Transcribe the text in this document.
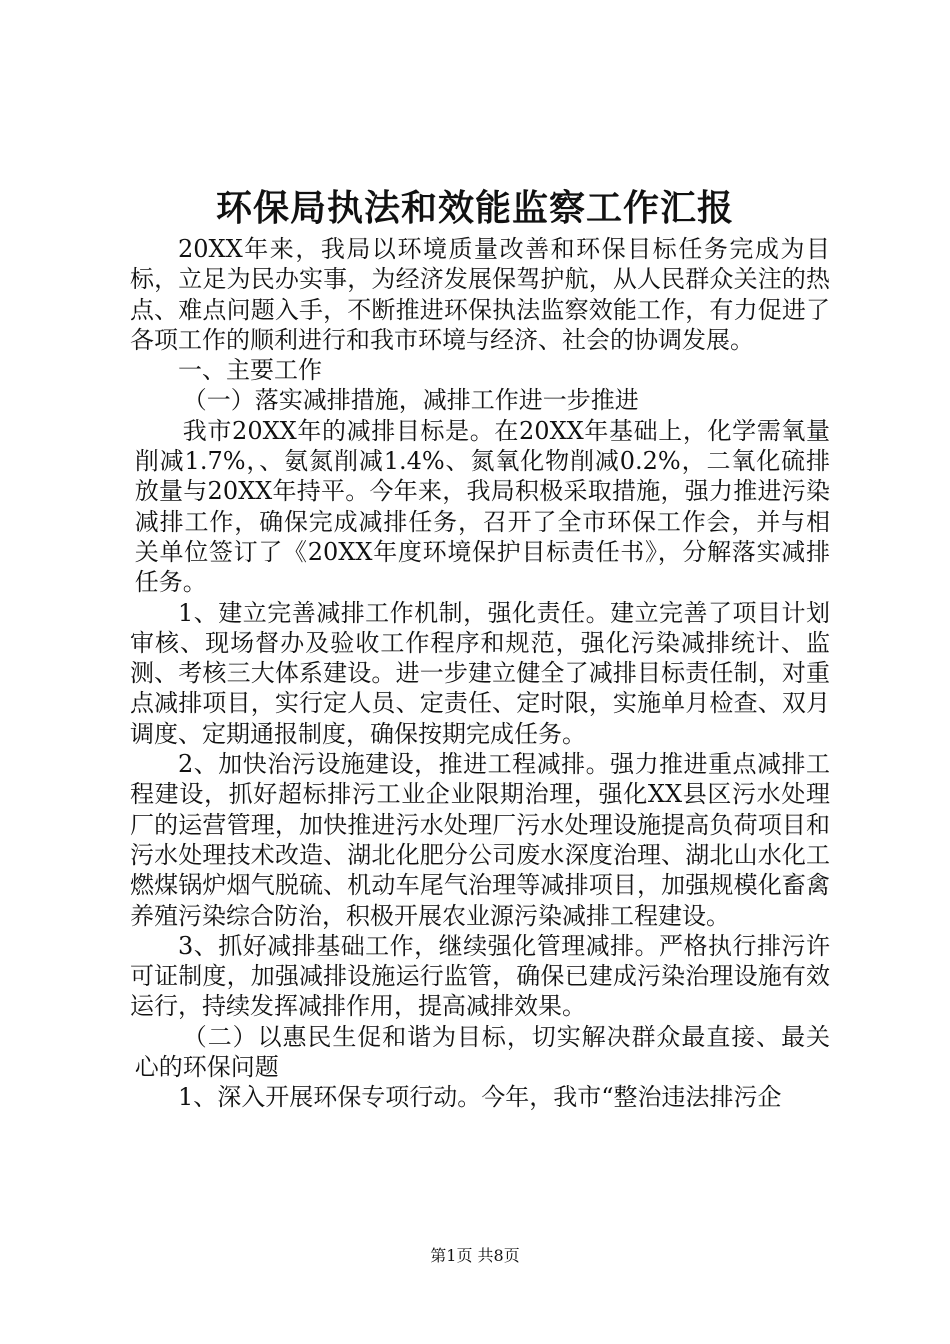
环保局执法和效能监察工作汇报

20XX年来，我局以环境质量改善和环保目标任务完成为目标，立足为民办实事，为经济发展保驾护航，从人民群众关注的热点、难点问题入手，不断推进环保执法监察效能工作，有力促进了各项工作的顺利进行和我市环境与经济、社会的协调发展。

一、主要工作

（一）落实减排措施，减排工作进一步推进

我市20XX年的减排目标是。在20XX年基础上，化学需氧量削减1.7%，、氨氮削减1.4%、氮氧化物削减0.2%，二氧化硫排放量与20XX年持平。今年来，我局积极采取措施，强力推进污染减排工作，确保完成减排任务，召开了全市环保工作会，并与相关单位签订了《20XX年度环境保护目标责任书》，分解落实减排任务。

1、建立完善减排工作机制，强化责任。建立完善了项目计划审核、现场督办及验收工作程序和规范，强化污染减排统计、监测、考核三大体系建设。进一步建立健全了减排目标责任制，对重点减排项目，实行定人员、定责任、定时限，实施单月检查、双月调度、定期通报制度，确保按期完成任务。

2、加快治污设施建设，推进工程减排。强力推进重点减排工程建设，抓好超标排污工业企业限期治理，强化XX县区污水处理厂的运营管理，加快推进污水处理厂污水处理设施提高负荷项目和污水处理技术改造、湖北化肥分公司废水深度治理、湖北山水化工燃煤锅炉烟气脱硫、机动车尾气治理等减排项目，加强规模化畜禽养殖污染综合防治，积极开展农业源污染减排工程建设。

3、抓好减排基础工作，继续强化管理减排。严格执行排污许可证制度，加强减排设施运行监管，确保已建成污染治理设施有效运行，持续发挥减排作用，提高减排效果。

（二）以惠民生促和谐为目标，切实解决群众最直接、最关心的环保问题

1、深入开展环保专项行动。今年，我市“整治违法排污企

第1页 共8页
